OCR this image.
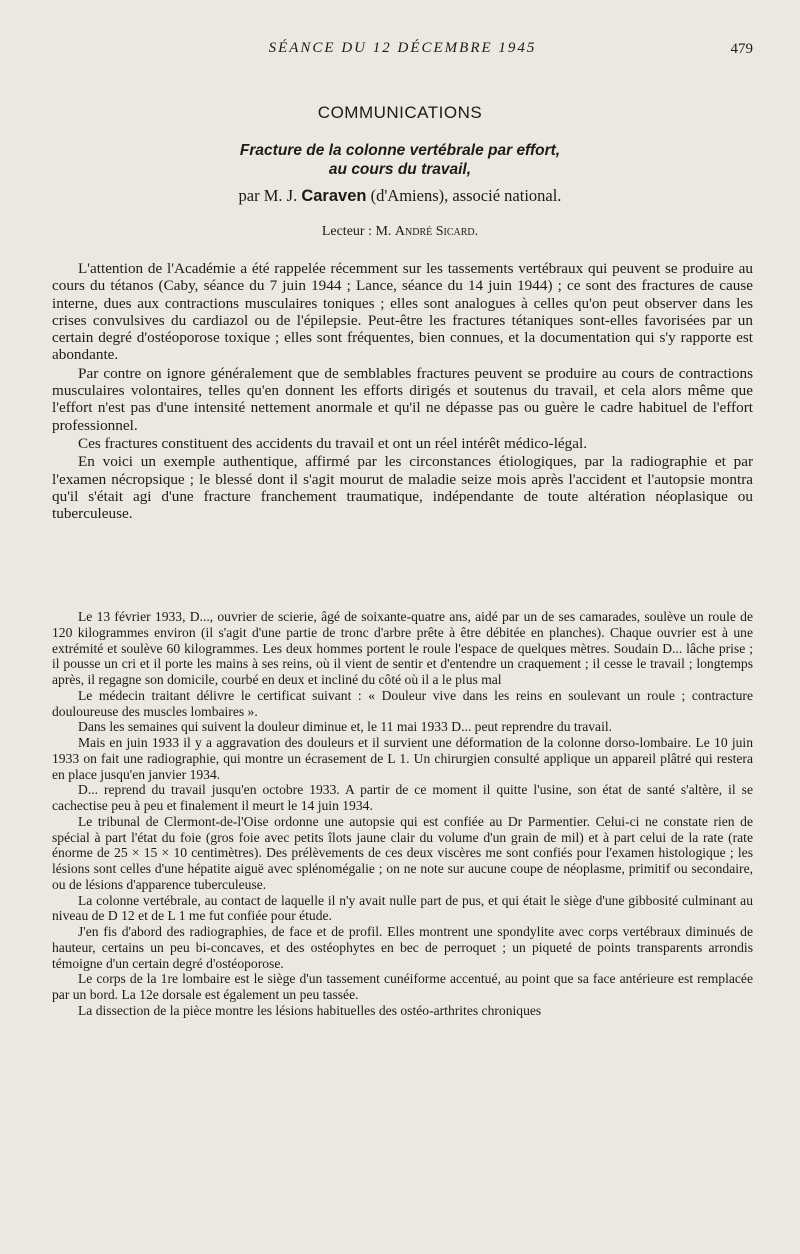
SÉANCE DU 12 DÉCEMBRE 1945	479
COMMUNICATIONS
Fracture de la colonne vertébrale par effort,
au cours du travail,
par M. J. Caraven (d'Amiens), associé national.
Lecteur : M. André Sicard.

L'attention de l'Académie a été rappelée récemment sur les tassements vertébraux qui peuvent se produire au cours du tétanos (Caby, séance du 7 juin 1944 ; Lance, séance du 14 juin 1944) ; ce sont des fractures de cause interne, dues aux contractions musculaires toniques ; elles sont analogues à celles qu'on peut observer dans les crises convulsives du cardiazol ou de l'épilepsie. Peut-être les fractures tétaniques sont-elles favorisées par un certain degré d'ostéoporose toxique ; elles sont fréquentes, bien connues, et la documentation qui s'y rapporte est abondante.

Par contre on ignore généralement que de semblables fractures peuvent se produire au cours de contractions musculaires volontaires, telles qu'en donnent les efforts dirigés et soutenus du travail, et cela alors même que l'effort n'est pas d'une intensité nettement anormale et qu'il ne dépasse pas ou guère le cadre habituel de l'effort professionnel.

Ces fractures constituent des accidents du travail et ont un réel intérêt médico-légal.

En voici un exemple authentique, affirmé par les circonstances étiologiques, par la radiographie et par l'examen nécropsique ; le blessé dont il s'agit mourut de maladie seize mois après l'accident et l'autopsie montra qu'il s'était agi d'une fracture franchement traumatique, indépendante de toute altération néoplasique ou tuberculeuse.

Le 13 février 1933, D..., ouvrier de scierie, âgé de soixante-quatre ans, aidé par un de ses camarades, soulève un roule de 120 kilogrammes environ (il s'agit d'une partie de tronc d'arbre prête à être débitée en planches). Chaque ouvrier est à une extrémité et soulève 60 kilogrammes. Les deux hommes portent le roule l'espace de quelques mètres. Soudain D... lâche prise ; il pousse un cri et il porte les mains à ses reins, où il vient de sentir et d'entendre un craquement ; il cesse le travail ; longtemps après, il regagne son domicile, courbé en deux et incliné du côté où il a le plus mal

Le médecin traitant délivre le certificat suivant : « Douleur vive dans les reins en soulevant un roule ; contracture douloureuse des muscles lombaires ».

Dans les semaines qui suivent la douleur diminue et, le 11 mai 1933 D... peut reprendre du travail.

Mais en juin 1933 il y a aggravation des douleurs et il survient une déformation de la colonne dorso-lombaire. Le 10 juin 1933 on fait une radiographie, qui montre un écrasement de L 1. Un chirurgien consulté applique un appareil plâtré qui restera en place jusqu'en janvier 1934.

D... reprend du travail jusqu'en octobre 1933. A partir de ce moment il quitte l'usine, son état de santé s'altère, il se cachectise peu à peu et finalement il meurt le 14 juin 1934.

Le tribunal de Clermont-de-l'Oise ordonne une autopsie qui est confiée au Dr Parmentier. Celui-ci ne constate rien de spécial à part l'état du foie (gros foie avec petits îlots jaune clair du volume d'un grain de mil) et à part celui de la rate (rate énorme de 25 × 15 × 10 centimètres). Des prélèvements de ces deux viscères me sont confiés pour l'examen histologique ; les lésions sont celles d'une hépatite aiguë avec splénomégalie ; on ne note sur aucune coupe de néoplasme, primitif ou secondaire, ou de lésions d'apparence tuberculeuse.

La colonne vertébrale, au contact de laquelle il n'y avait nulle part de pus, et qui était le siège d'une gibbosité culminant au niveau de D 12 et de L 1 me fut confiée pour étude.

J'en fis d'abord des radiographies, de face et de profil. Elles montrent une spondylite avec corps vertébraux diminués de hauteur, certains un peu bi-concaves, et des ostéophytes en bec de perroquet ; un piqueté de points transparents arrondis témoigne d'un certain degré d'ostéoporose.

Le corps de la 1re lombaire est le siège d'un tassement cunéiforme accentué, au point que sa face antérieure est remplacée par un bord. La 12e dorsale est également un peu tassée.

La dissection de la pièce montre les lésions habituelles des ostéo-arthrites chroniques
